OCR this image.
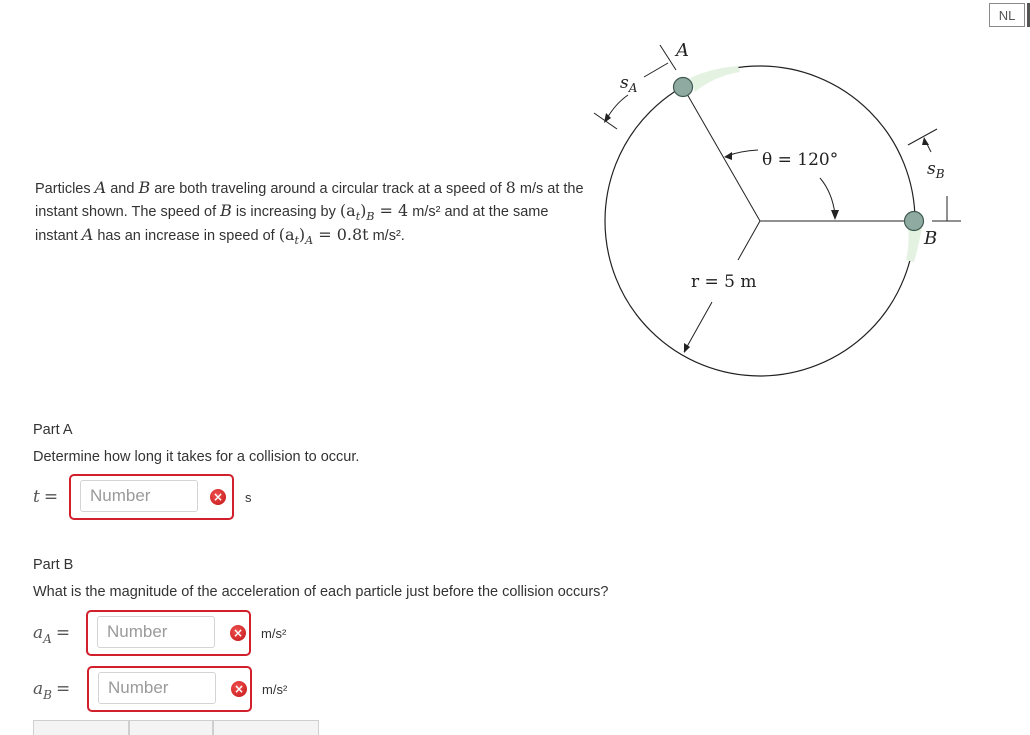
NL
Particles A and B are both traveling around a circular track at a speed of 8 m/s at the instant shown. The speed of B is increasing by $(a_t)_B = 4$ m/s² and at the same instant A has an increase in speed of $(a_t)_A = 0.8t$ m/s².
A
B
$s_A$
$s_B$
θ = 120°
r = 5 m
Part A
Determine how long it takes for a collision to occur.
t =
Number	× s
Part B
What is the magnitude of the acceleration of each particle just before the collision occurs?
$a_A$ =
Number	× m/s²
$a_B$ =
Number	× m/s²
